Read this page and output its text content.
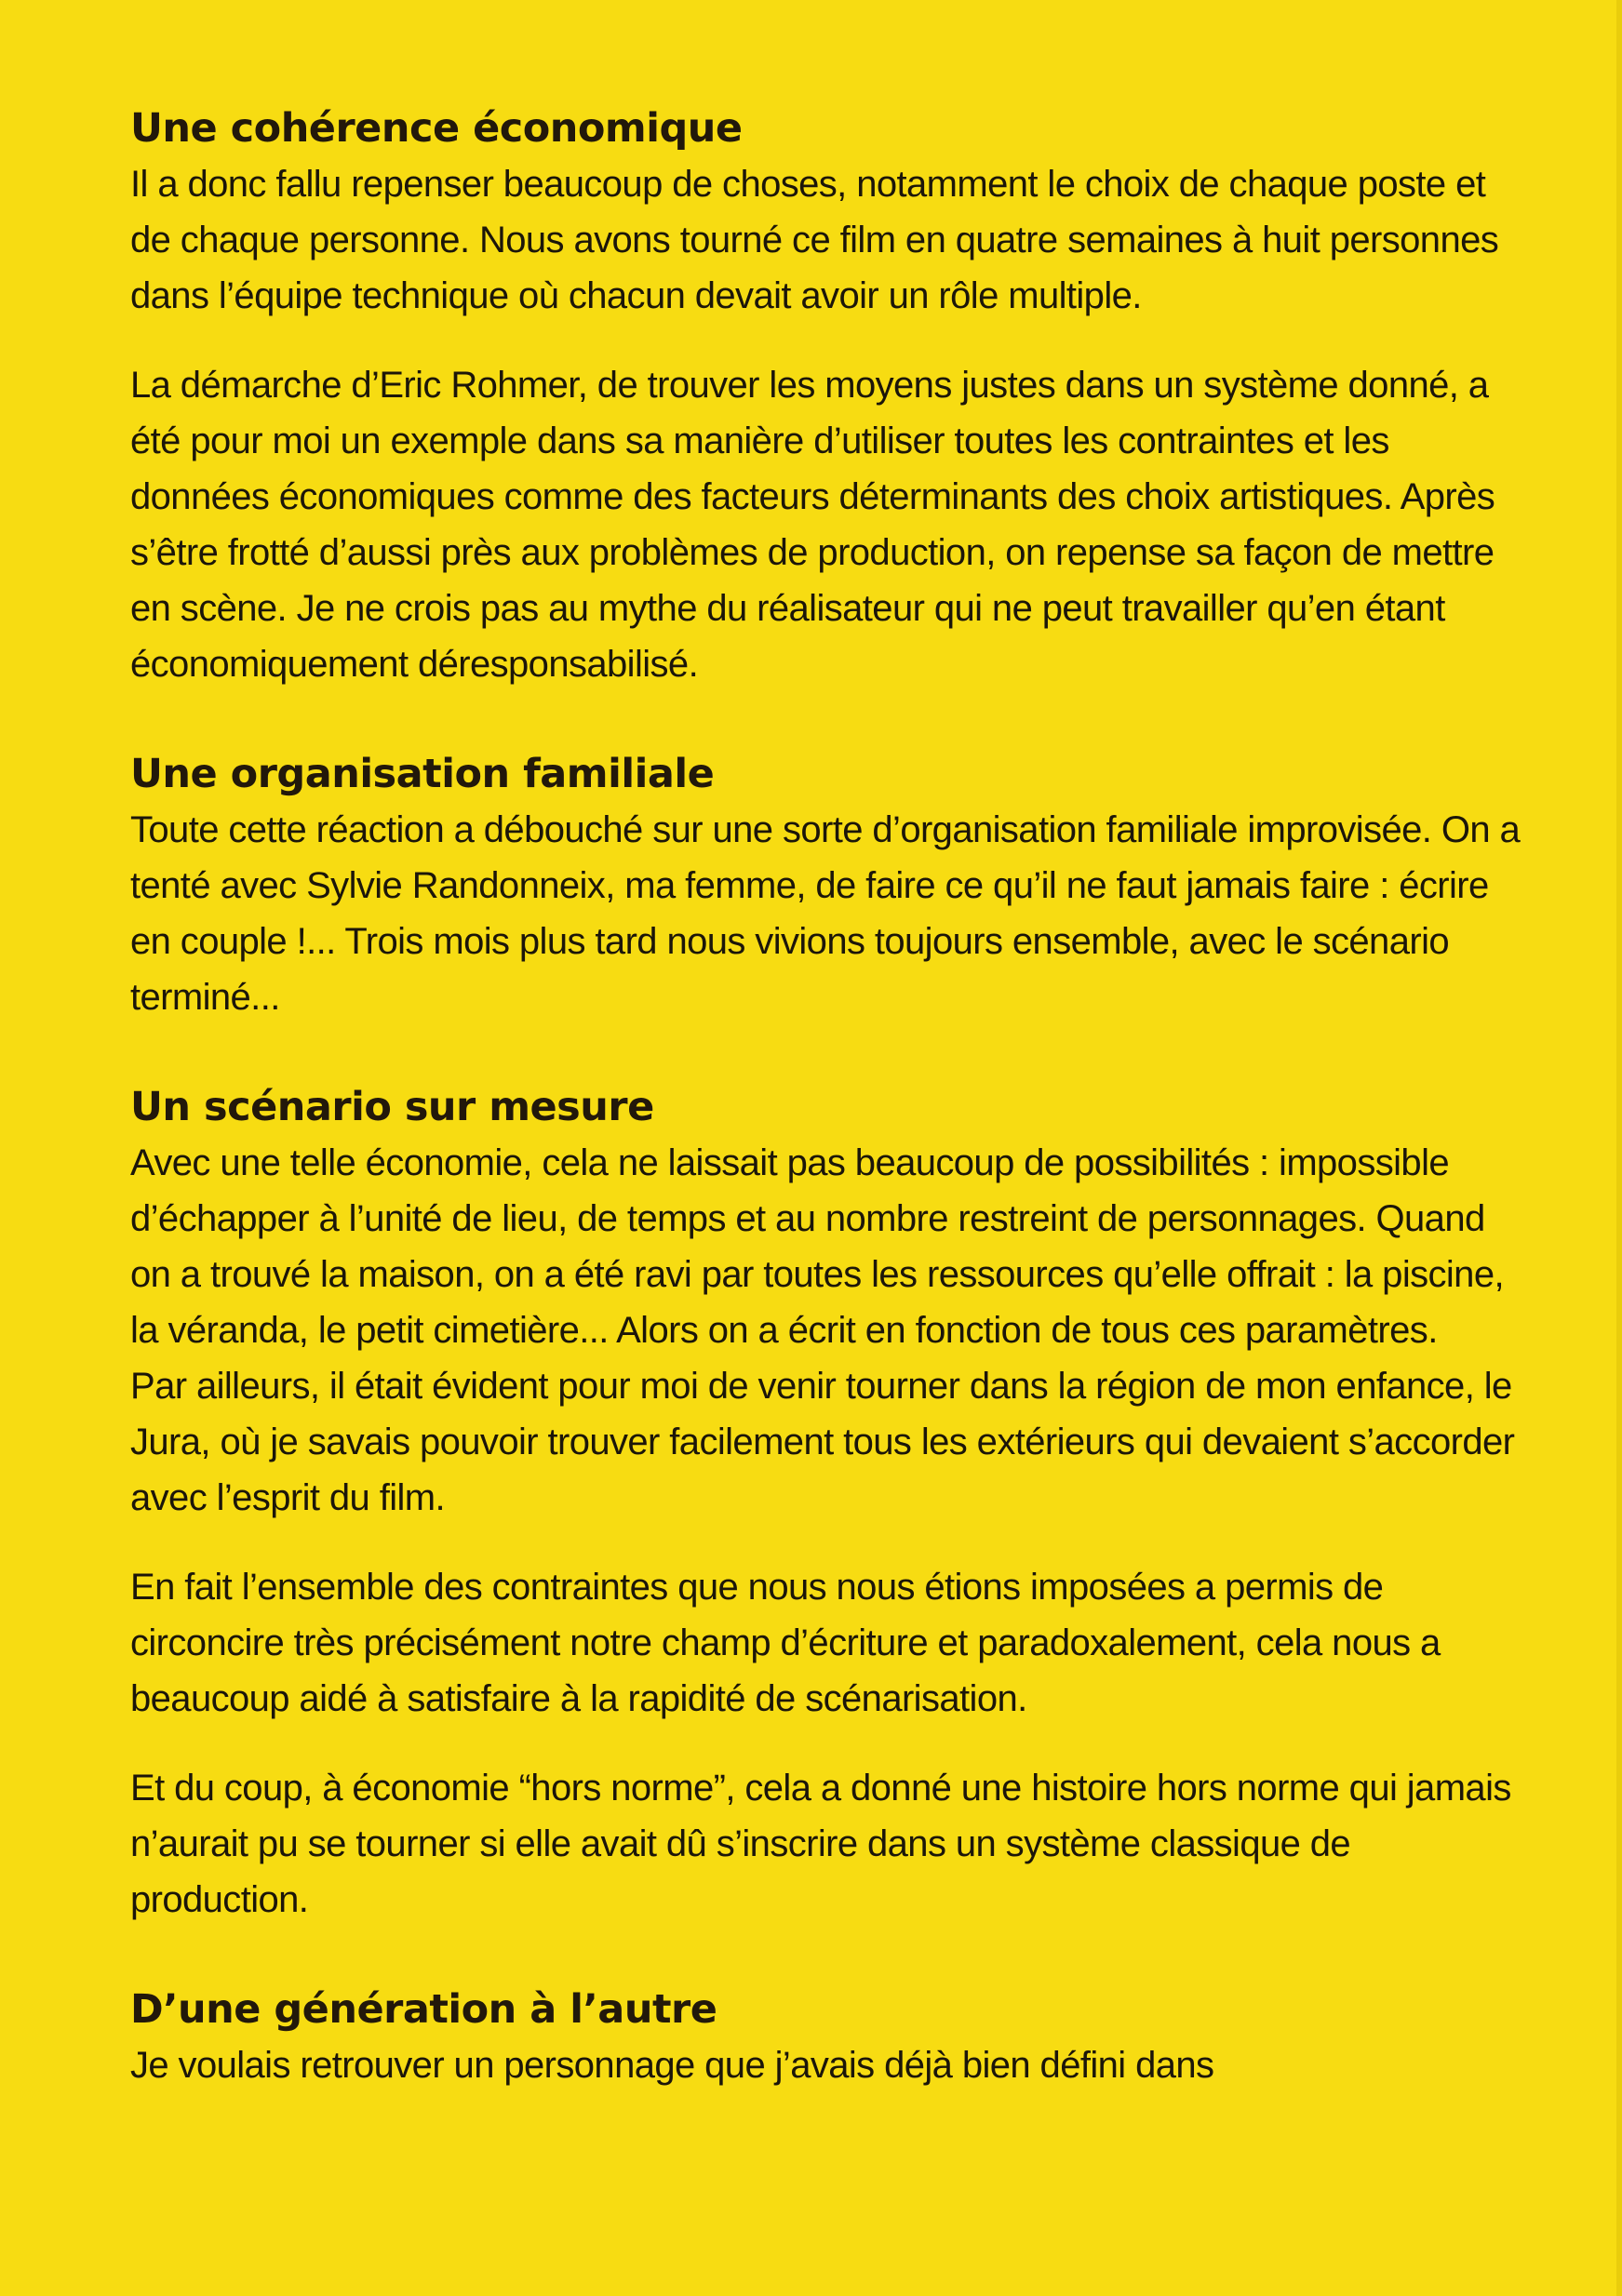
Une cohérence économique

Il a donc fallu repenser beaucoup de choses, notamment le choix de chaque poste et de chaque personne. Nous avons tourné ce film en quatre semaines à huit personnes dans l’équipe technique où chacun devait avoir un rôle multiple.

La démarche d’Eric Rohmer, de trouver les moyens justes dans un système donné, a été pour moi un exemple dans sa manière d’utiliser toutes les contraintes et les données économiques comme des facteurs déterminants des choix artistiques. Après s’être frotté d’aussi près aux problèmes de production, on repense sa façon de mettre en scène. Je ne crois pas au mythe du réalisateur qui ne peut travailler qu’en étant économiquement déresponsabilisé.

Une organisation familiale

Toute cette réaction a débouché sur une sorte d’organisation familiale improvisée. On a tenté avec Sylvie Randonneix, ma femme, de faire ce qu’il ne faut jamais faire : écrire en couple !... Trois mois plus tard nous vivions toujours ensemble, avec le scénario terminé...

Un scénario sur mesure

Avec une telle économie, cela ne laissait pas beaucoup de possibilités : impossible d’échapper à l’unité de lieu, de temps et au nombre restreint de personnages. Quand on a trouvé la maison, on a été ravi par toutes les ressources qu’elle offrait : la piscine, la véranda, le petit cimetière... Alors on a écrit en fonction de tous ces paramètres.

Par ailleurs, il était évident pour moi de venir tourner dans la région de mon enfance, le Jura, où je savais pouvoir trouver facilement tous les extérieurs qui devaient s’accorder avec l’esprit du film.

En fait l’ensemble des contraintes que nous nous étions imposées a permis de circoncire très précisément notre champ d’écriture et paradoxalement, cela nous a beaucoup aidé à satisfaire à la rapidité de scénarisation.

Et du coup, à économie “hors norme”, cela a donné une histoire hors norme qui jamais n’aurait pu se tourner si elle avait dû s’inscrire dans un système classique de production.

D’une génération à l’autre

Je voulais retrouver un personnage que j’avais déjà bien défini dans
